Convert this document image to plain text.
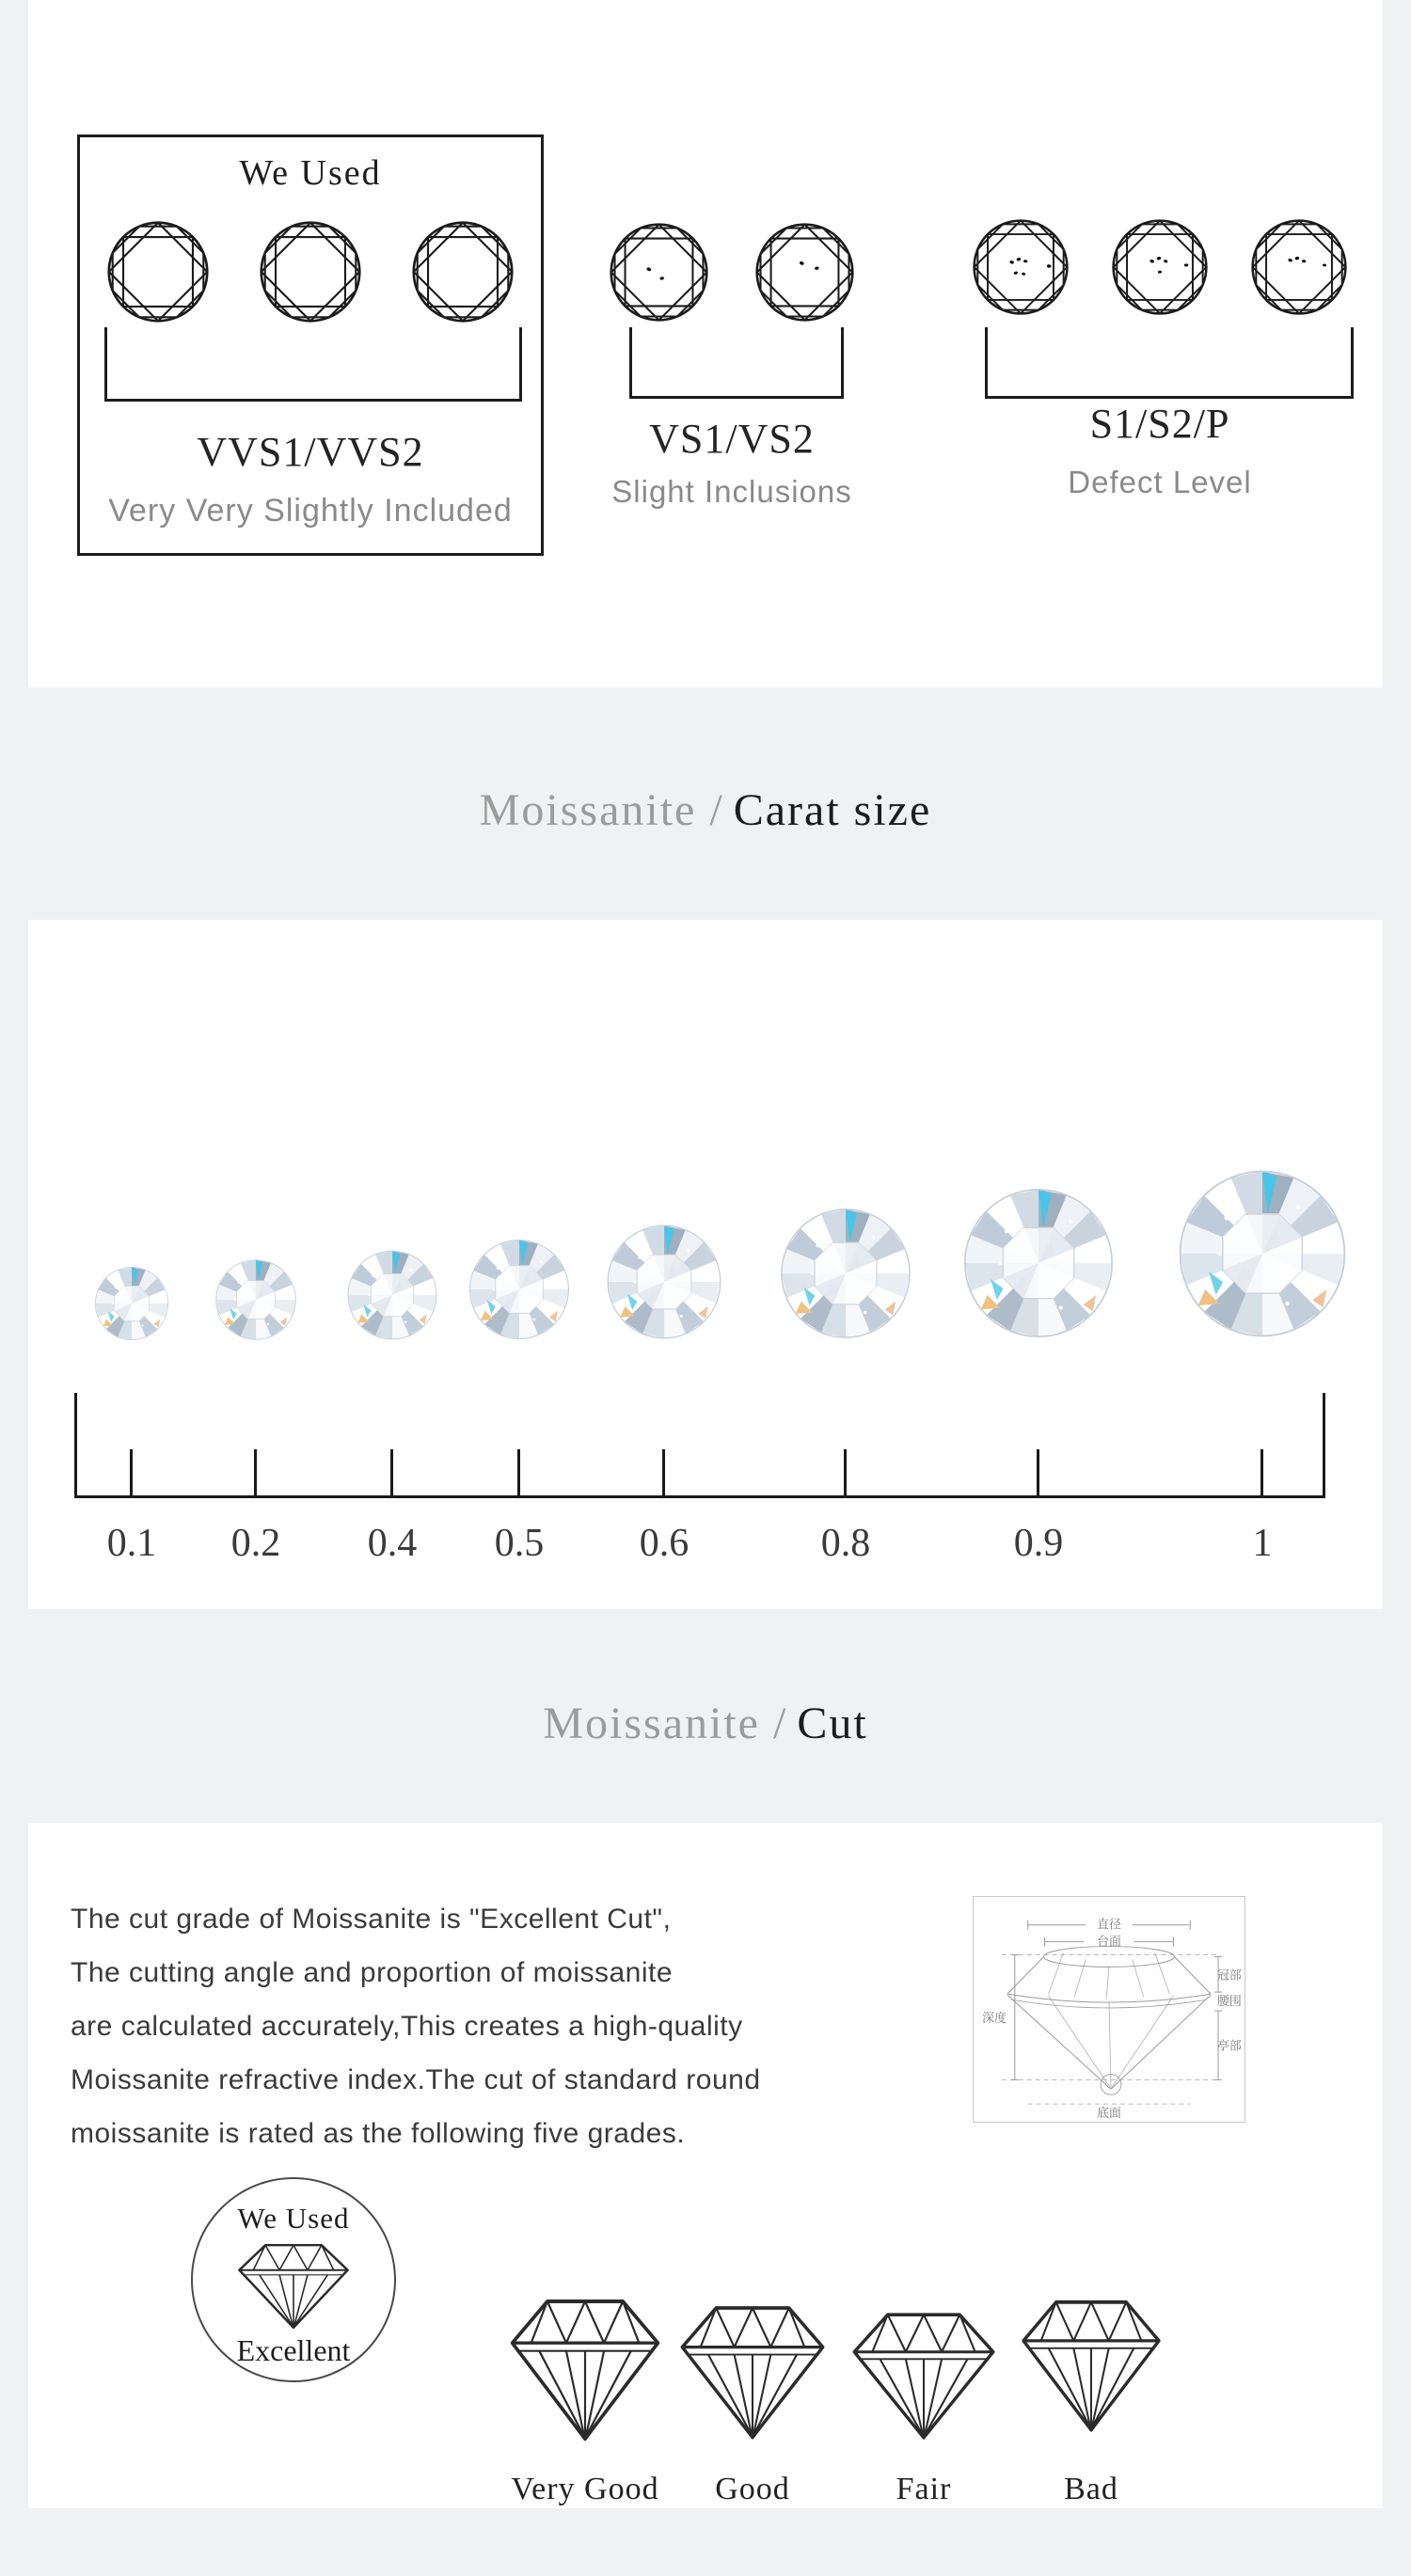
We Used
VVS1/VVS2
Very Very Slightly Included
VS1/VS2
Slight Inclusions
S1/S2/P
Defect Level
Moissanite / Carat size
0.1	0.2	0.4	0.5	0.6	0.8	0.9	1
Moissanite / Cut
The cut grade of Moissanite is "Excellent Cut",
The cutting angle and proportion of moissanite
are calculated accurately,This creates a high-quality
Moissanite refractive index.The cut of standard round
moissanite is rated as the following five grades.
直径
台面
深度
冠部
腰围
亭部
底面
We Used
Excellent
Very Good	Good	Fair	Bad
